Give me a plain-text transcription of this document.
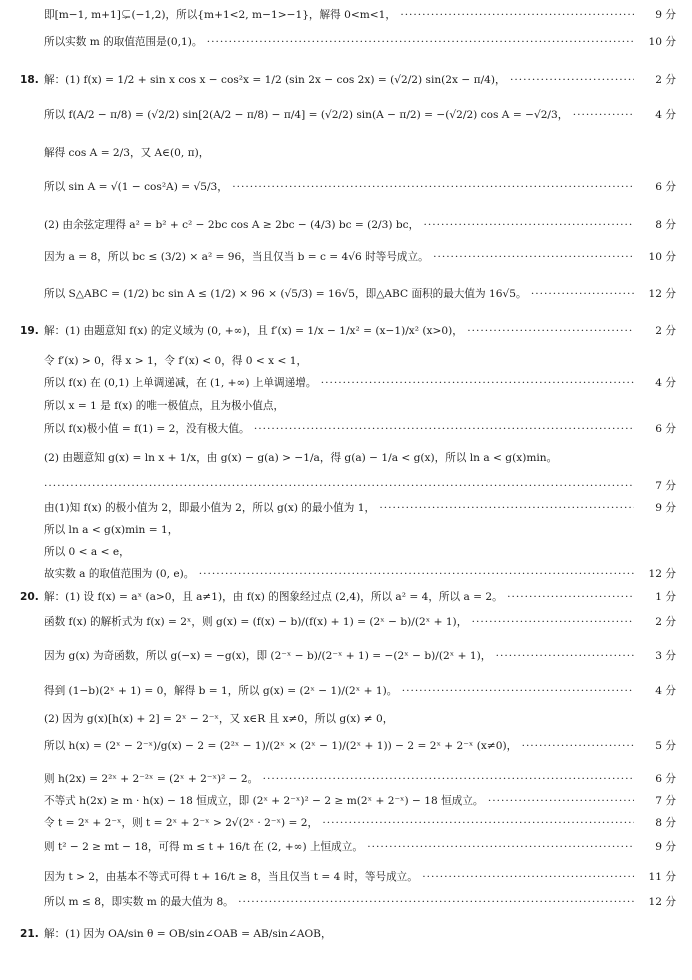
即[m−1, m+1]⊊(−1,2)，所以{m+1<2, m−1>−1}，解得 0<m<1， ·····	9 分
所以实数 m 的取值范围是(0,1)。 ·····	10 分
18. 解：(1) f(x) = 1/2 + sin x cos x − cos²x = 1/2 (sin 2x − cos 2x) = (√2/2) sin(2x − π/4)， ·····	2 分
所以 f(A/2 − π/8) = (√2/2) sin[2(A/2 − π/8) − π/4] = (√2/2) sin(A − π/2) = −(√2/2) cos A = −√2/3， ·····	4 分
解得 cos A = 2/3，又 A∈(0, π)，
所以 sin A = √(1 − cos²A) = √5/3， ·····	6 分
(2) 由余弦定理得 a² = b² + c² − 2bc cos A ≥ 2bc − (4/3) bc = (2/3) bc， ·····	8 分
因为 a = 8，所以 bc ≤ (3/2) × a² = 96，当且仅当 b = c = 4√6 时等号成立。 ·····	10 分
所以 S△ABC = (1/2) bc sin A ≤ (1/2) × 96 × (√5/3) = 16√5，即△ABC 面积的最大值为 16√5。 ·····	12 分
19. 解：(1) 由题意知 f(x) 的定义域为 (0, +∞)，且 f′(x) = 1/x − 1/x² = (x−1)/x² (x>0)， ·····	2 分
令 f′(x) > 0，得 x > 1，令 f′(x) < 0，得 0 < x < 1，
所以 f(x) 在 (0,1) 上单调递减，在 (1, +∞) 上单调递增。 ·····	4 分
所以 x = 1 是 f(x) 的唯一极值点，且为极小值点，
所以 f(x)极小值 = f(1) = 2，没有极大值。 ·····	6 分
(2) 由题意知 g(x) = ln x + 1/x，由 g(x) − g(a) > −1/a，得 g(a) − 1/a < g(x)，所以 ln a < g(x)min。
·····
7 分
由(1)知 f(x) 的极小值为 2，即最小值为 2，所以 g(x) 的最小值为 1， ·····	9 分
所以 ln a < g(x)min = 1，
所以 0 < a < e，
故实数 a 的取值范围为 (0, e)。 ·····	12 分
20. 解：(1) 设 f(x) = aˣ (a>0，且 a≠1)，由 f(x) 的图象经过点 (2,4)，所以 a² = 4，所以 a = 2。 ·····	1 分
函数 f(x) 的解析式为 f(x) = 2ˣ，则 g(x) = (f(x) − b)/(f(x) + 1) = (2ˣ − b)/(2ˣ + 1)， ·····	2 分
因为 g(x) 为奇函数，所以 g(−x) = −g(x)，即 (2⁻ˣ − b)/(2⁻ˣ + 1) = −(2ˣ − b)/(2ˣ + 1)， ·····	3 分
得到 (1−b)(2ˣ + 1) = 0，解得 b = 1，所以 g(x) = (2ˣ − 1)/(2ˣ + 1)。 ·····	4 分
(2) 因为 g(x)[h(x) + 2] = 2ˣ − 2⁻ˣ，又 x∈R 且 x≠0，所以 g(x) ≠ 0，
所以 h(x) = (2ˣ − 2⁻ˣ)/g(x) − 2 = (2²ˣ − 1)/(2ˣ × (2ˣ − 1)/(2ˣ + 1)) − 2 = 2ˣ + 2⁻ˣ (x≠0)， ·····	5 分
则 h(2x) = 2²ˣ + 2⁻²ˣ = (2ˣ + 2⁻ˣ)² − 2。 ·····	6 分
不等式 h(2x) ≥ m · h(x) − 18 恒成立，即 (2ˣ + 2⁻ˣ)² − 2 ≥ m(2ˣ + 2⁻ˣ) − 18 恒成立。 ·····	7 分
令 t = 2ˣ + 2⁻ˣ，则 t = 2ˣ + 2⁻ˣ > 2√(2ˣ · 2⁻ˣ) = 2， ·····	8 分
则 t² − 2 ≥ mt − 18，可得 m ≤ t + 16/t 在 (2, +∞) 上恒成立。 ·····	9 分
因为 t > 2，由基本不等式可得 t + 16/t ≥ 8，当且仅当 t = 4 时，等号成立。 ·····	11 分
所以 m ≤ 8，即实数 m 的最大值为 8。 ·····	12 分
21. 解：(1) 因为 OA/sin θ = OB/sin∠OAB = AB/sin∠AOB，
